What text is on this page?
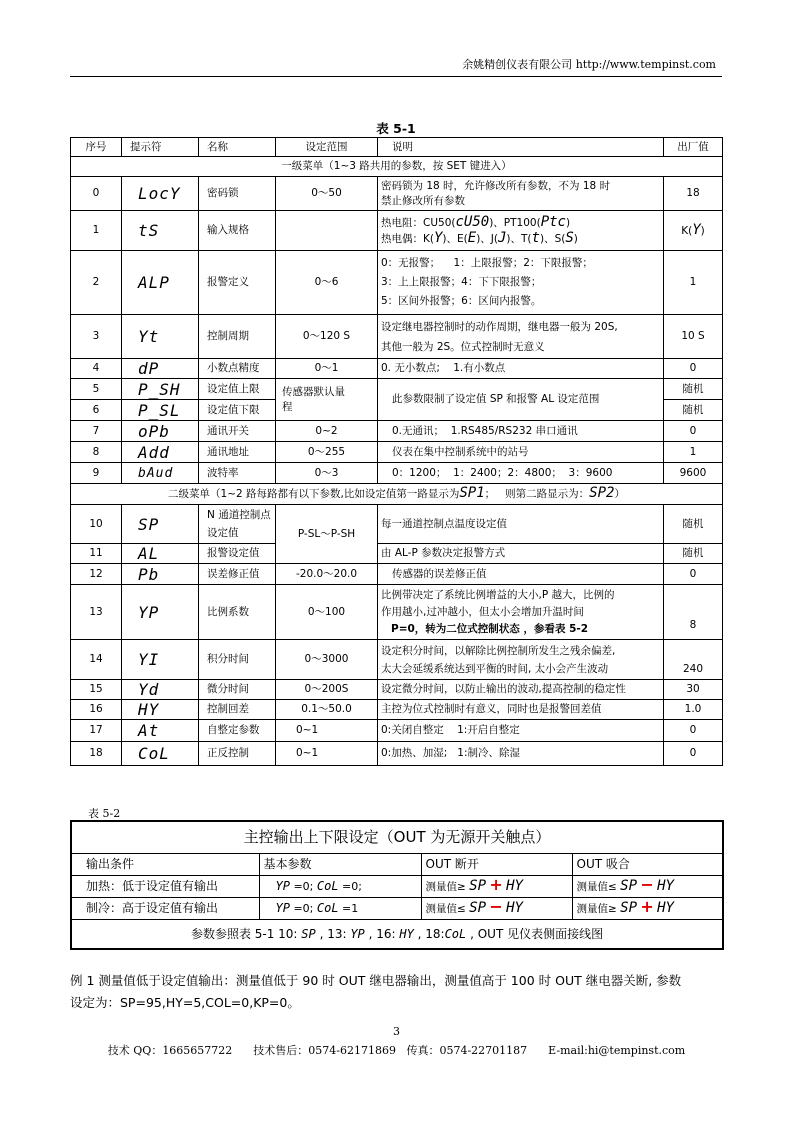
余姚精创仪表有限公司 http://www.tempinst.com
表 5-1
序号	提示符	名称	设定范围	说明	出厂值
一级菜单（1~3 路共用的参数，按 SET 键进入）					
0	LocY	密码锁	0～50	密码锁为 18 时，允许修改所有参数，不为 18 时
禁止修改所有参数	18
1	tS	输入规格		热电阻：CU50(cU50)、PT100(Ptc)
热电偶：K(Y)、E(E)、J(J)、T(t)、S(S)	K(Y)
2	ALP	报警定义	0～6	0：无报警；    1：上限报警；2：下限报警；
3：上上限报警；4：下下限报警；
5：区间外报警；6：区间内报警。	1
3	Yt	控制周期	0～120 S	设定继电器控制时的动作周期，继电器一般为 20S,
其他一般为 2S。位式控制时无意义	10 S
4	dP	小数点精度	0～1	0. 无小数点;    1.有小数点	0
5	P_SH	设定值上限	传感器默认量
程	此参数限制了设定值 SP 和报警 AL 设定范围	随机
6	P_SL	设定值下限			随机
7	oPb	通讯开关	0~2	0.无通讯；  1.RS485/RS232 串口通讯	0
8	Add	通讯地址	0～255	仪表在集中控制系统中的站号	1
9	bAud	波特率	0～3	0：1200；  1：2400；2：4800；  3：9600	9600
二级菜单（1~2 路每路都有以下参数,比如设定值第一路显示为SP1；   则第二路显示为：SP2）					
10	SP	N 通道控制点
设定值	P-SL～P-SH	每一通道控制点温度设定值	随机
11	AL	报警设定值		由 AL-P 参数决定报警方式	随机
12	Pb	误差修正值	-20.0～20.0	传感器的误差修正值	0
13	YP	比例系数	0～100	比例带决定了系统比例增益的大小,P 越大，比例的
作用越小,过冲越小，但太小会增加升温时间
P=0，转为二位式控制状态 ，参看表 5-2	8
14	YI	积分时间	0～3000	设定积分时间，以解除比例控制所发生之残余偏差,
太大会延缓系统达到平衡的时间, 太小会产生波动	240
15	Yd	微分时间	0～200S	设定微分时间，以防止输出的波动,提高控制的稳定性	30
16	HY	控制回差	0.1～50.0	主控为位式控制时有意义，同时也是报警回差值	1.0
17	At	自整定参数	0~1	0:关闭自整定    1:开启自整定	0
18	CoL	正反控制	0~1	0:加热、加湿;   1:制冷、除湿	0
表 5-2
主控输出上下限设定（OUT 为无源开关触点）			
输出条件	基本参数	OUT 断开	OUT 吸合
加热：低于设定值有输出	YP =0; CoL =0;	测量值≥ SP + HY	测量值≤ SP − HY
制冷：高于设定值有输出	YP =0; CoL =1	测量值≤ SP − HY	测量值≥ SP + HY
参数参照表 5-1 10: SP , 13: YP , 16: HY , 18:CoL , OUT 见仪表侧面接线图			
例 1 测量值低于设定值输出：测量值低于 90 时 OUT 继电器输出，测量值高于 100 时 OUT 继电器关断, 参数
设定为：SP=95,HY=5,COL=0,KP=0。
3
技术 QQ：1665657722      技术售后：0574-62171869   传真：0574-22701187      E-mail:hi@tempinst.com
